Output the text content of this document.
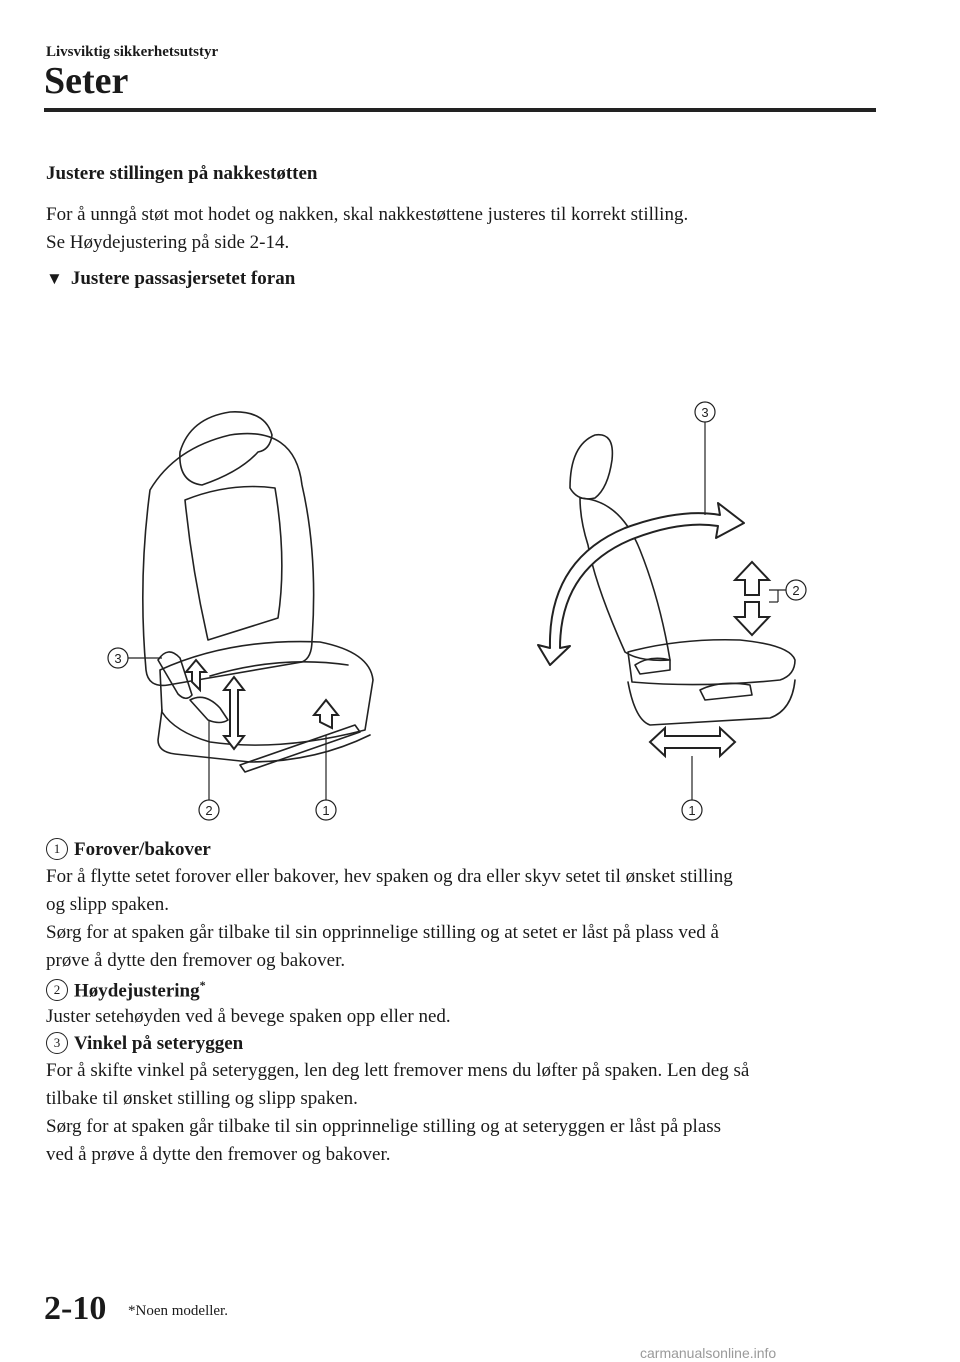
Livsviktig sikkerhetsutstyr
Seter
Justere stillingen på nakkestøtten
For å unngå støt mot hodet og nakken, skal nakkestøttene justeres til korrekt stilling.
Se Høydejustering på side 2-14.
▼ Justere passasjersetet foran
3
2	1
3
2
1
1 Forover/bakover
For å flytte setet forover eller bakover, hev spaken og dra eller skyv setet til ønsket stilling
og slipp spaken.
Sørg for at spaken går tilbake til sin opprinnelige stilling og at setet er låst på plass ved å
prøve å dytte den fremover og bakover.
2 Høydejustering*
Juster setehøyden ved å bevege spaken opp eller ned.
3 Vinkel på seteryggen
For å skifte vinkel på seteryggen, len deg lett fremover mens du løfter på spaken. Len deg så
tilbake til ønsket stilling og slipp spaken.
Sørg for at spaken går tilbake til sin opprinnelige stilling og at seteryggen er låst på plass
ved å prøve å dytte den fremover og bakover.
2-10 *Noen modeller.
carmanualsonline.info
